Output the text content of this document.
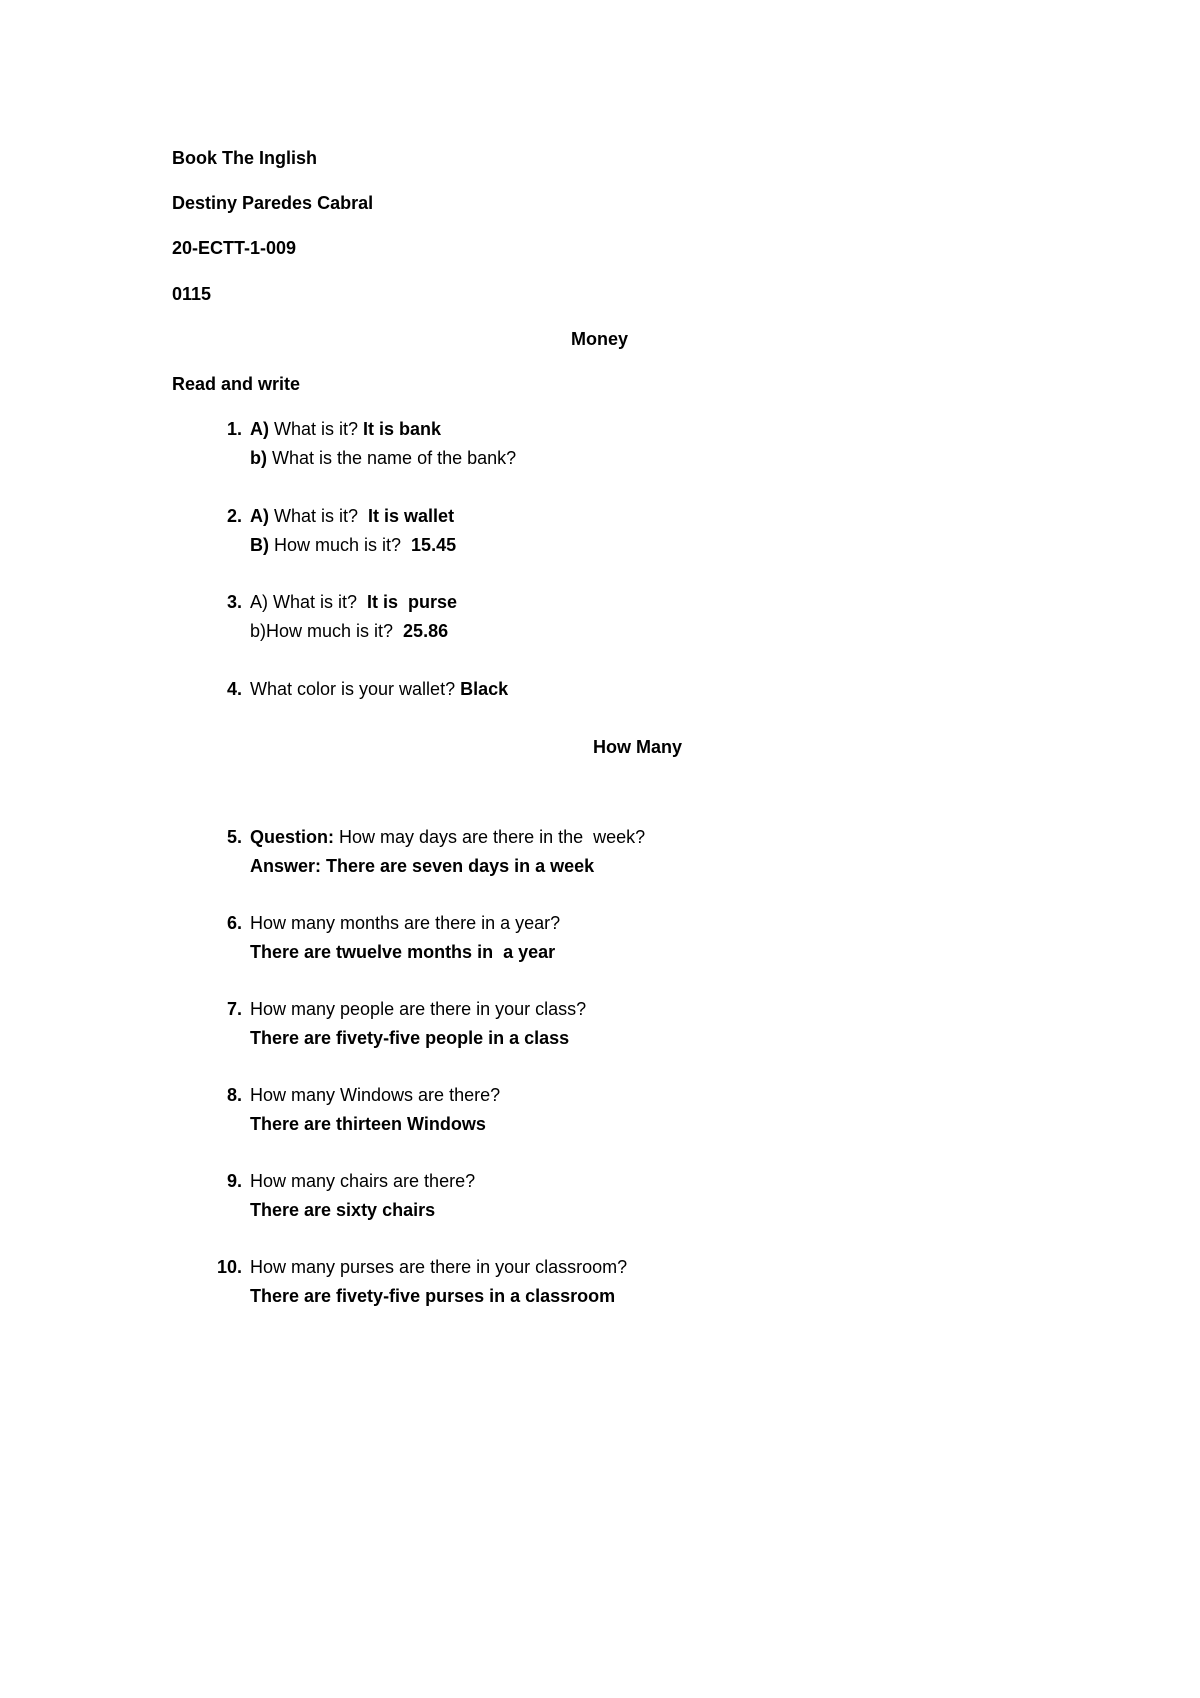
Book The Inglish
Destiny Paredes Cabral
20-ECTT-1-009
0115
Money
Read and write
1. A) What is it? It is bank
b) What is the name of the bank?
2. A) What is it?  It is wallet
B) How much is it?  15.45
3. A) What is it?  It is  purse
b)How much is it?  25.86
4. What color is your wallet? Black
How Many
5. Question: How may days are there in the  week?
Answer: There are seven days in a week
6. How many months are there in a year?
There are twuelve months in  a year
7. How many people are there in your class?
There are fivety-five people in a class
8. How many Windows are there?
There are thirteen Windows
9. How many chairs are there?
There are sixty chairs
10. How many purses are there in your classroom?
There are fivety-five purses in a classroom
